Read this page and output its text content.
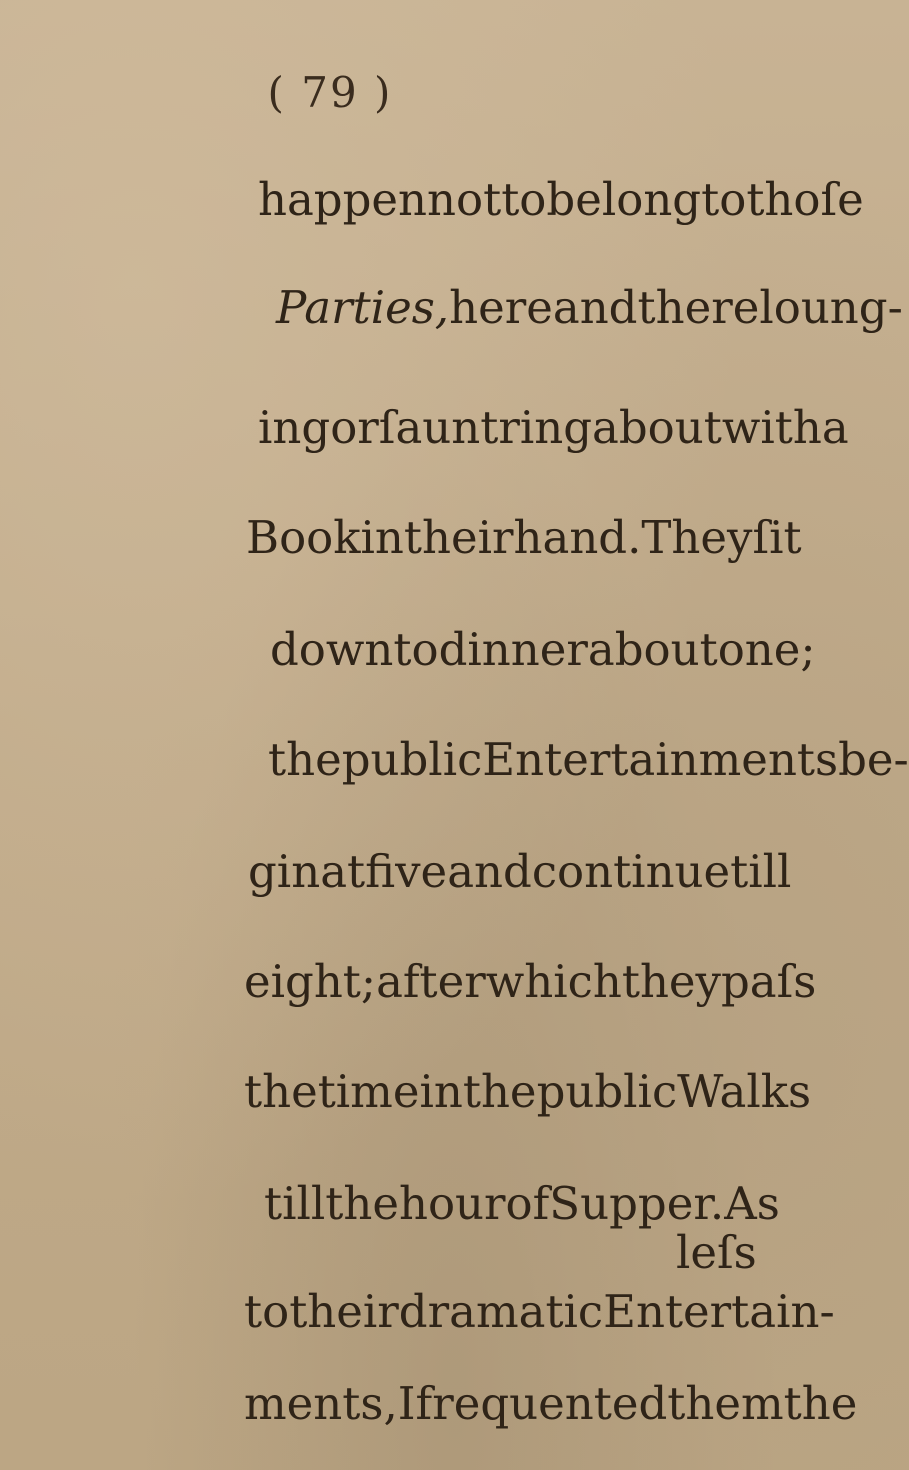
( 79 )
happen not to belong to thoſe
Parties, here and there loung-
ing or ſauntring about with a
Book in their hand. They ſit
down to dinner about one;
the public Entertainments be-
gin at five and continue till
eight; after which they paſs
the time in the public Walks
till the hour of Supper. As
to their dramatic Entertain-
ments, I frequented them the
leſs
